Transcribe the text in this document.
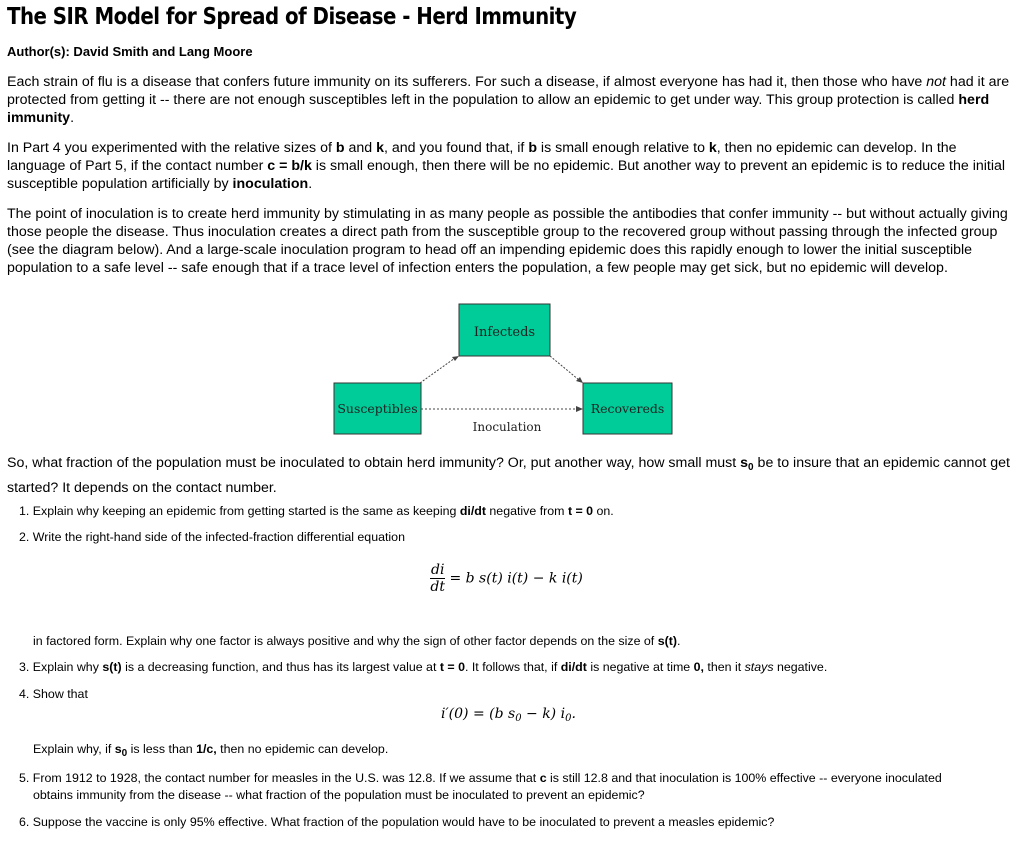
The SIR Model for Spread of Disease - Herd Immunity
Author(s): David Smith and Lang Moore

Each strain of flu is a disease that confers future immunity on its sufferers. For such a disease, if almost everyone has had it, then those who have not had it are protected from getting it -- there are not enough susceptibles left in the population to allow an epidemic to get under way. This group protection is called herd immunity.

In Part 4 you experimented with the relative sizes of b and k, and you found that, if b is small enough relative to k, then no epidemic can develop. In the language of Part 5, if the contact number c = b/k is small enough, then there will be no epidemic. But another way to prevent an epidemic is to reduce the initial susceptible population artificially by inoculation.

The point of inoculation is to create herd immunity by stimulating in as many people as possible the antibodies that confer immunity -- but without actually giving those people the disease. Thus inoculation creates a direct path from the susceptible group to the recovered group without passing through the infected group (see the diagram below). And a large-scale inoculation program to head off an impending epidemic does this rapidly enough to lower the initial susceptible population to a safe level -- safe enough that if a trace level of infection enters the population, a few people may get sick, but no epidemic will develop.

Infecteds
Susceptibles	Recovereds
Inoculation

So, what fraction of the population must be inoculated to obtain herd immunity? Or, put another way, how small must $s_0$ be to insure that an epidemic cannot get started? It depends on the contact number.

1. Explain why keeping an epidemic from getting started is the same as keeping di/dt negative from t = 0 on.

2. Write the right-hand side of the infected-fraction differential equation

$\frac{di}{dt} = b$ s(t) i(t) − k i(t)

in factored form. Explain why one factor is always positive and why the sign of other factor depends on the size of s(t).

3. Explain why s(t) is a decreasing function, and thus has its largest value at t = 0. It follows that, if di/dt is negative at time 0, then it stays negative.

4. Show that

i′(0) = (b $s_0 - k$) $i_0$.

Explain why, if $s_0$ is less than 1/c, then no epidemic can develop.

5. From 1912 to 1928, the contact number for measles in the U.S. was 12.8. If we assume that c is still 12.8 and that inoculation is 100% effective -- everyone inoculated obtains immunity from the disease -- what fraction of the population must be inoculated to prevent an epidemic?

6. Suppose the vaccine is only 95% effective. What fraction of the population would have to be inoculated to prevent a measles epidemic?
